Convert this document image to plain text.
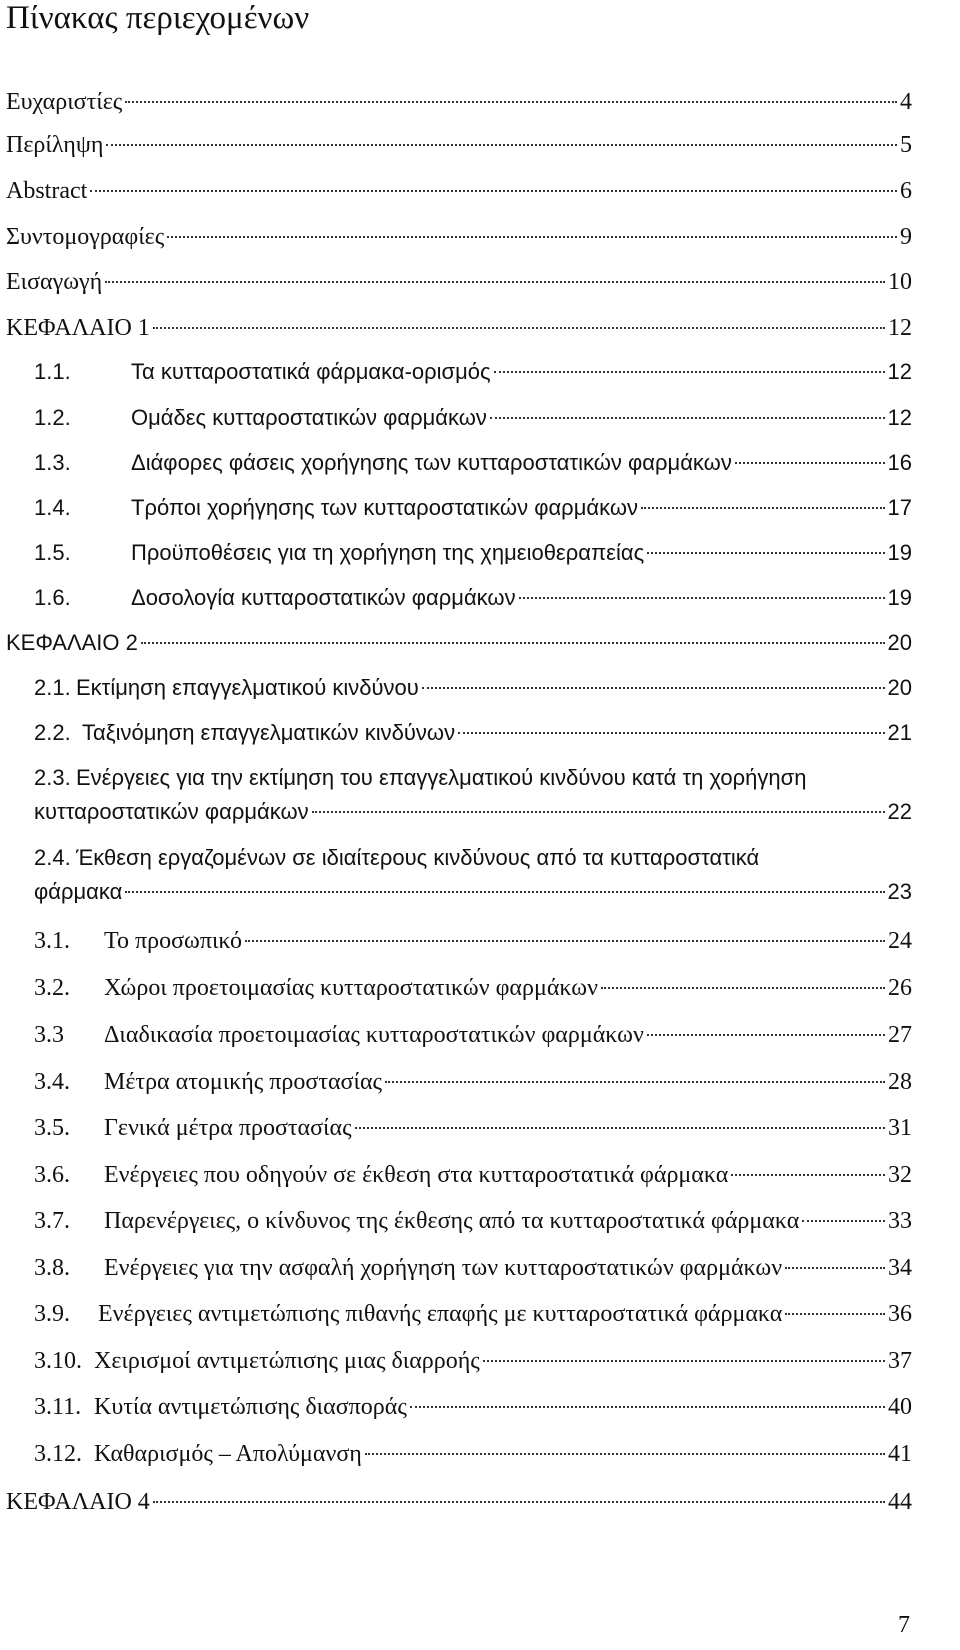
Πίνακας περιεχομένων
Ευχαριστίες	4
Περίληψη	5
Abstract	6
Συντομογραφίες	9
Εισαγωγή	10
ΚΕΦΑΛΑΙΟ 1	12
1.1.	Τα κυτταροστατικά φάρμακα-ορισμός	12
1.2.	Ομάδες κυτταροστατικών φαρμάκων	12
1.3.	Διάφορες φάσεις χορήγησης των κυτταροστατικών φαρμάκων	16
1.4.	Τρόποι χορήγησης των κυτταροστατικών φαρμάκων	17
1.5.	Προϋποθέσεις για τη χορήγηση της χημειοθεραπείας	19
1.6.	Δοσολογία κυτταροστατικών φαρμάκων	19
ΚΕΦΑΛΑΙΟ 2	20
2.1. Εκτίμηση επαγγελματικού κινδύνου	20
2.2. Ταξινόμηση επαγγελματικών κινδύνων	21
2.3. Ενέργειες για την εκτίμηση του επαγγελματικού κινδύνου κατά τη χορήγηση
κυτταροστατικών φαρμάκων	22
2.4. Έκθεση εργαζομένων σε ιδιαίτερους κινδύνους από τα κυτταροστατικά
φάρμακα	23
3.1.	Το προσωπικό	24
3.2.	Χώροι προετοιμασίας κυτταροστατικών φαρμάκων	26
3.3	Διαδικασία προετοιμασίας κυτταροστατικών φαρμάκων	27
3.4.	Μέτρα ατομικής προστασίας	28
3.5.	Γενικά μέτρα προστασίας	31
3.6.	Ενέργειες που οδηγούν σε έκθεση στα κυτταροστατικά φάρμακα	32
3.7.	Παρενέργειες, ο κίνδυνος της έκθεσης από τα κυτταροστατικά φάρμακα	33
3.8.	Ενέργειες για την ασφαλή χορήγηση των κυτταροστατικών φαρμάκων	34
3.9.	Ενέργειες αντιμετώπισης πιθανής επαφής με κυτταροστατικά φάρμακα	36
3.10. Χειρισμοί αντιμετώπισης μιας διαρροής	37
3.11. Κυτία αντιμετώπισης διασποράς	40
3.12. Καθαρισμός – Απολύμανση	41
ΚΕΦΑΛΑΙΟ 4	44
7
